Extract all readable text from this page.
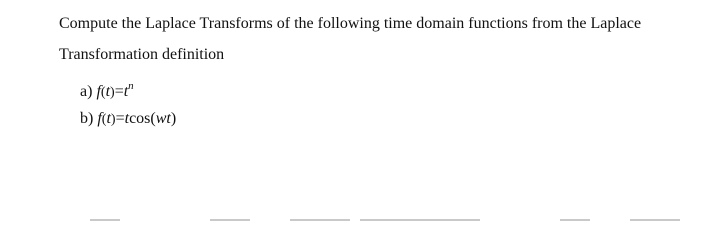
Compute the Laplace Transforms of the following time domain functions from the Laplace
Transformation definition
a) $f(t)=t^n$
b) f(t)=tcos(wt)
